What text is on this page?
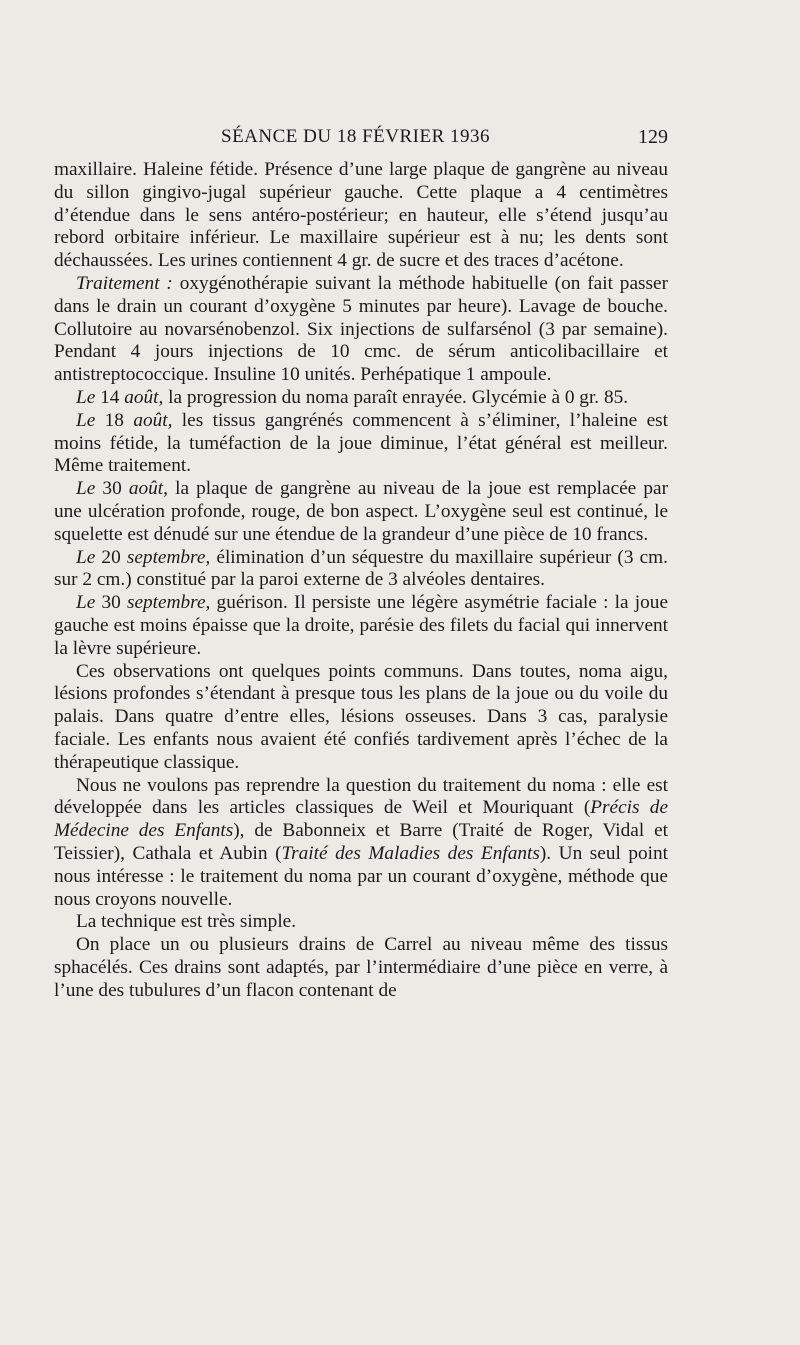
SÉANCE DU 18 FÉVRIER 1936	129

maxillaire. Haleine fétide. Présence d’une large plaque de gangrène au niveau du sillon gingivo-jugal supérieur gauche. Cette plaque a 4 centimètres d’étendue dans le sens antéro-postérieur; en hauteur, elle s’étend jusqu’au rebord orbitaire inférieur. Le maxillaire supérieur est à nu; les dents sont déchaussées. Les urines contiennent 4 gr. de sucre et des traces d’acétone.

Traitement : oxygénothérapie suivant la méthode habituelle (on fait passer dans le drain un courant d’oxygène 5 minutes par heure). Lavage de bouche. Collutoire au novarsénobenzol. Six injections de sulfarsénol (3 par semaine). Pendant 4 jours injections de 10 cmc. de sérum anticolibacillaire et antistreptococcique. Insuline 10 unités. Perhépatique 1 ampoule.

Le 14 août, la progression du noma paraît enrayée. Glycémie à 0 gr. 85.

Le 18 août, les tissus gangrénés commencent à s’éliminer, l’haleine est moins fétide, la tuméfaction de la joue diminue, l’état général est meilleur. Même traitement.

Le 30 août, la plaque de gangrène au niveau de la joue est remplacée par une ulcération profonde, rouge, de bon aspect. L’oxygène seul est continué, le squelette est dénudé sur une étendue de la grandeur d’une pièce de 10 francs.

Le 20 septembre, élimination d’un séquestre du maxillaire supérieur (3 cm. sur 2 cm.) constitué par la paroi externe de 3 alvéoles dentaires.

Le 30 septembre, guérison. Il persiste une légère asymétrie faciale : la joue gauche est moins épaisse que la droite, parésie des filets du facial qui innervent la lèvre supérieure.

Ces observations ont quelques points communs. Dans toutes, noma aigu, lésions profondes s’étendant à presque tous les plans de la joue ou du voile du palais. Dans quatre d’entre elles, lésions osseuses. Dans 3 cas, paralysie faciale. Les enfants nous avaient été confiés tardivement après l’échec de la thérapeutique classique.

Nous ne voulons pas reprendre la question du traitement du noma : elle est développée dans les articles classiques de Weil et Mouriquant (Précis de Médecine des Enfants), de Babonneix et Barre (Traité de Roger, Vidal et Teissier), Cathala et Aubin (Traité des Maladies des Enfants). Un seul point nous intéresse : le traitement du noma par un courant d’oxygène, méthode que nous croyons nouvelle.

La technique est très simple.

On place un ou plusieurs drains de Carrel au niveau même des tissus sphacélés. Ces drains sont adaptés, par l’intermédiaire d’une pièce en verre, à l’une des tubulures d’un flacon contenant de
